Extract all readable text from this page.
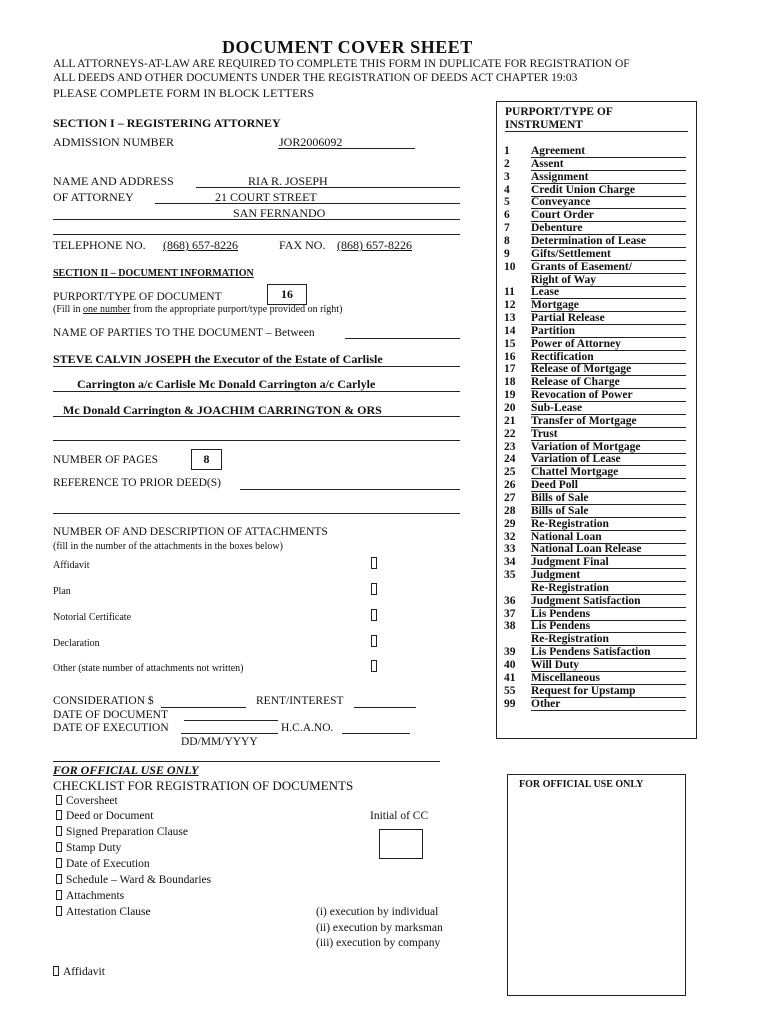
DOCUMENT COVER SHEET
ALL ATTORNEYS-AT-LAW ARE REQUIRED TO COMPLETE THIS FORM IN DUPLICATE FOR REGISTRATION OF
ALL DEEDS AND OTHER DOCUMENTS UNDER THE REGISTRATION OF DEEDS ACT CHAPTER 19:03
PLEASE COMPLETE FORM IN BLOCK LETTERS
SECTION I – REGISTERING ATTORNEY
ADMISSION NUMBER	JOR2006092
NAME AND ADDRESS	RIA R. JOSEPH
OF ATTORNEY	21 COURT STREET
SAN FERNANDO
TELEPHONE NO. (868) 657-8226	FAX NO. (868) 657-8226
SECTION II – DOCUMENT INFORMATION
PURPORT/TYPE OF DOCUMENT	16
(Fill in one number from the appropriate purport/type provided on right)
NAME OF PARTIES TO THE DOCUMENT – Between
STEVE CALVIN JOSEPH the Executor of the Estate of Carlisle
Carrington a/c Carlisle Mc Donald Carrington a/c Carlyle
Mc Donald Carrington & JOACHIM CARRINGTON & ORS
NUMBER OF PAGES	8
REFERENCE TO PRIOR DEED(S)
NUMBER OF AND DESCRIPTION OF ATTACHMENTS
(fill in the number of the attachments in the boxes below)
Affidavit
Plan
Notorial Certificate
Declaration
Other (state number of attachments not written)
CONSIDERATION $	RENT/INTEREST
DATE OF DOCUMENT
DATE OF EXECUTION	H.C.A.NO.
DD/MM/YYYY
FOR OFFICIAL USE ONLY
CHECKLIST FOR REGISTRATION OF DOCUMENTS
Coversheet
Deed or Document
Signed Preparation Clause
Stamp Duty
Date of Execution
Schedule – Ward & Boundaries
Attachments
Attestation Clause
Initial of CC
(i) execution by individual
(ii) execution by marksman
(iii) execution by company
Affidavit
PURPORT/TYPE OF
INSTRUMENT
1 Agreement
2 Assent
3 Assignment
4 Credit Union Charge
5 Conveyance
6 Court Order
7 Debenture
8 Determination of Lease
9 Gifts/Settlement
10 Grants of Easement/
Right of Way
11 Lease
12 Mortgage
13 Partial Release
14 Partition
15 Power of Attorney
16 Rectification
17 Release of Mortgage
18 Release of Charge
19 Revocation of Power
20 Sub-Lease
21 Transfer of Mortgage
22 Trust
23 Variation of Mortgage
24 Variation of Lease
25 Chattel Mortgage
26 Deed Poll
27 Bills of Sale
28 Bills of Sale
29 Re-Registration
32 National Loan
33 National Loan Release
34 Judgment Final
35 Judgment
Re-Registration
36 Judgment Satisfaction
37 Lis Pendens
38 Lis Pendens
Re-Registration
39 Lis Pendens Satisfaction
40 Will Duty
41 Miscellaneous
55 Request for Upstamp
99 Other
FOR OFFICIAL USE ONLY
